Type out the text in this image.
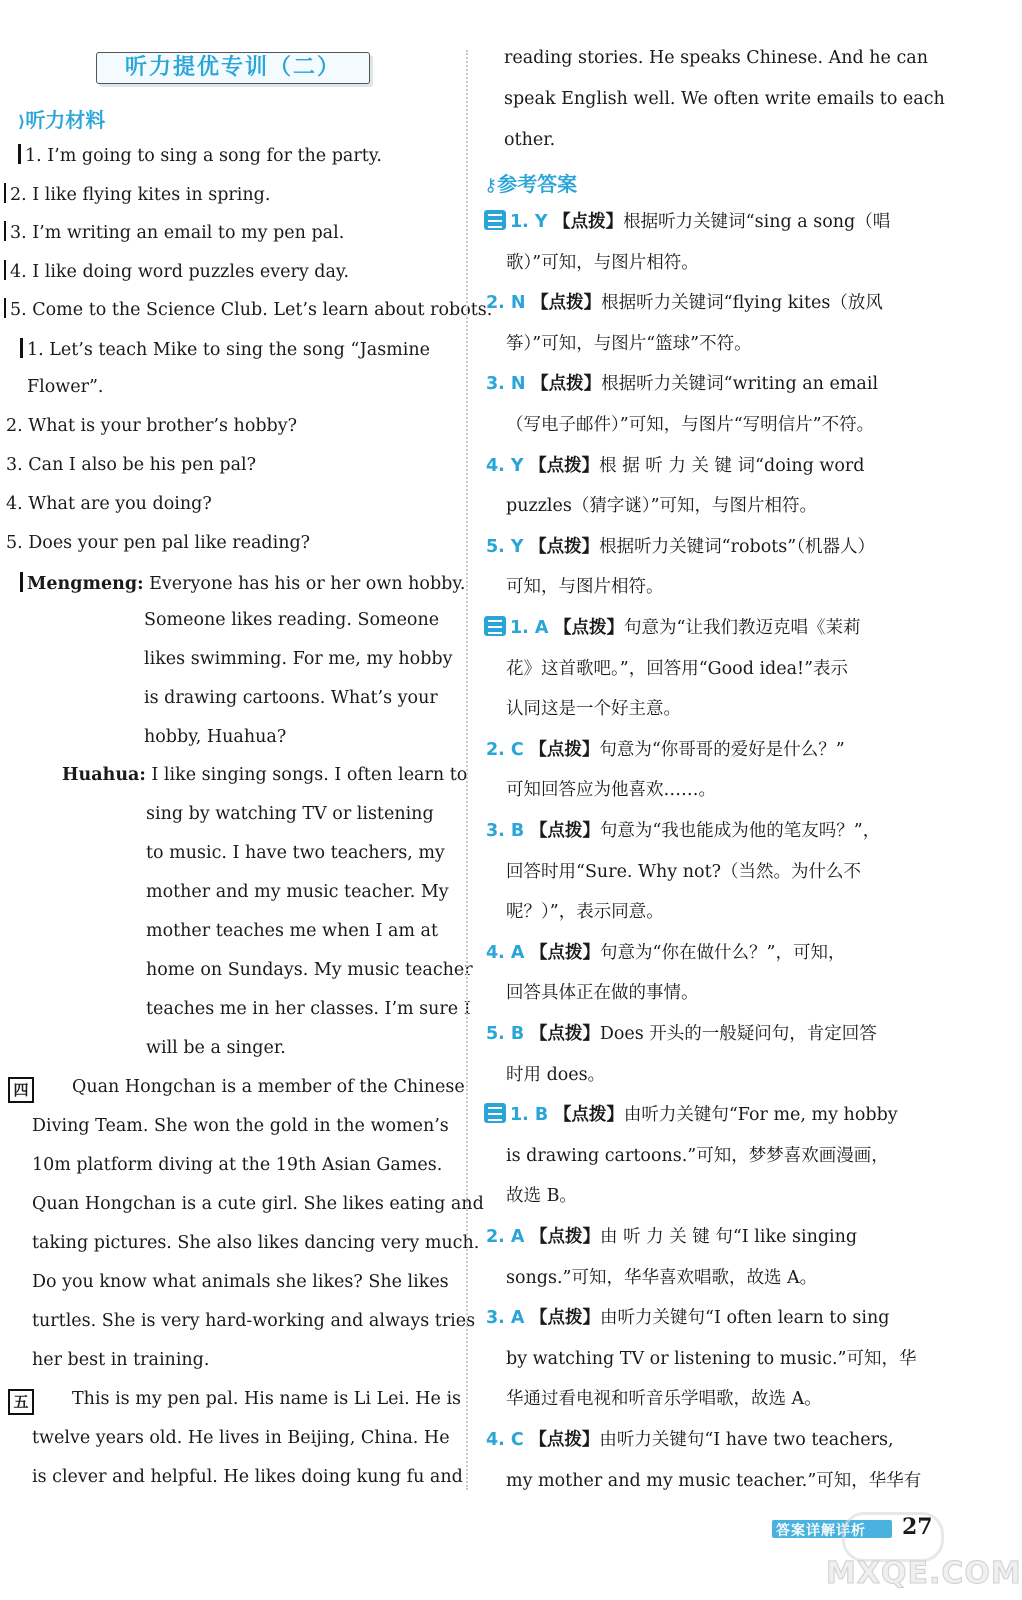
听力提优专训（二）
⟩听力材料
1. I’m going to sing a song for the party.
2. I like flying kites in spring.
3. I’m writing an email to my pen pal.
4. I like doing word puzzles every day.
5. Come to the Science Club. Let’s learn about robots.
1. Let’s teach Mike to sing the song “Jasmine
Flower”.
2. What is your brother’s hobby?
3. Can I also be his pen pal?
4. What are you doing?
5. Does your pen pal like reading?
Mengmeng: Everyone has his or her own hobby.
Someone likes reading. Someone
likes swimming. For me, my hobby
is drawing cartoons. What’s your
hobby, Huahua?
Huahua: I like singing songs. I often learn to
sing by watching TV or listening
to music. I have two teachers, my
mother and my music teacher. My
mother teaches me when I am at
home on Sundays. My music teacher
teaches me in her classes. I’m sure I
will be a singer.
四	Quan Hongchan is a member of the Chinese
Diving Team. She won the gold in the women’s
10m platform diving at the 19th Asian Games.
Quan Hongchan is a cute girl. She likes eating and
taking pictures. She also likes dancing very much.
Do you know what animals she likes? She likes
turtles. She is very hard-working and always tries
her best in training.
五	This is my pen pal. His name is Li Lei. He is
twelve years old. He lives in Beijing, China. He
is clever and helpful. He likes doing kung fu and
reading stories. He speaks Chinese. And he can
speak English well. We often write emails to each
other.
⚷参考答案
1. Y 【点拨】根据听力关键词“sing a song（唱
歌）”可知，与图片相符。
2. N 【点拨】根据听力关键词“flying kites（放风
筝）”可知，与图片“篮球”不符。
3. N 【点拨】根据听力关键词“writing an email
（写电子邮件）”可知，与图片“写明信片”不符。
4. Y 【点拨】根 据 听 力 关 键 词“doing word
puzzles（猜字谜）”可知，与图片相符。
5. Y 【点拨】根据听力关键词“robots”（机器人）
可知，与图片相符。
1. A 【点拨】句意为“让我们教迈克唱《茉莉
花》这首歌吧。”，回答用“Good idea!”表示
认同这是一个好主意。
2. C 【点拨】句意为“你哥哥的爱好是什么？”
可知回答应为他喜欢……。
3. B 【点拨】句意为“我也能成为他的笔友吗？”，
回答时用“Sure. Why not?（当然。为什么不
呢？）”，表示同意。
4. A 【点拨】句意为“你在做什么？”，可知，
回答具体正在做的事情。
5. B 【点拨】Does 开头的一般疑问句，肯定回答
时用 does。
1. B 【点拨】由听力关键句“For me, my hobby
is drawing cartoons.”可知，梦梦喜欢画漫画，
故选 B。
2. A 【点拨】由 听 力 关 键 句“I like singing
songs.”可知，华华喜欢唱歌，故选 A。
3. A 【点拨】由听力关键句“I often learn to sing
by watching TV or listening to music.”可知，华
华通过看电视和听音乐学唱歌，故选 A。
4. C 【点拨】由听力关键句“I have two teachers,
my mother and my music teacher.”可知，华华有
答案详解详析 27
MXQE.COM
